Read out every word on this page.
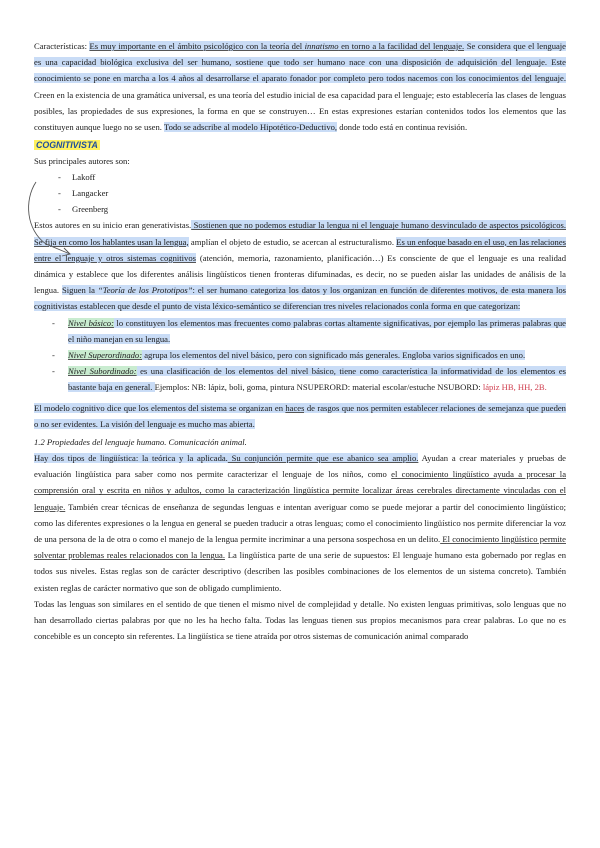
Características: Es muy importante en el ámbito psicológico con la teoría del innatismo en torno a la facilidad del lenguaje. Se considera que el lenguaje es una capacidad biológica exclusiva del ser humano, sostiene que todo ser humano nace con una disposición de adquisición del lenguaje. Este conocimiento se pone en marcha a los 4 años al desarrollarse el aparato fonador por completo pero todos nacemos con los conocimientos del lenguaje. Creen en la existencia de una gramática universal, es una teoría del estudio inicial de esa capacidad para el lenguaje; esto establecería las clases de lenguas posibles, las propiedades de sus expresiones, la forma en que se construyen… En estas expresiones estarían contenidos todos los elementos que las constituyen aunque luego no se usen. Todo se adscribe al modelo Hipotético-Deductivo, donde todo está en continua revisión.

COGNITIVISTA
Sus principales autores son:
- Lakoff
- Langacker
- Greenberg

Estos autores en su inicio eran generativistas. Sostienen que no podemos estudiar la lengua ni el lenguaje humano desvinculado de aspectos psicológicos. Se fija en como los hablantes usan la lengua, amplían el objeto de estudio, se acercan al estructuralismo. Es un enfoque basado en el uso, en las relaciones entre el lenguaje y otros sistemas cognitivos (atención, memoria, razonamiento, planificación…) Es consciente de que el lenguaje es una realidad dinámica y establece que los diferentes análisis lingüísticos tienen fronteras difuminadas, es decir, no se pueden aislar las unidades de análisis de la lengua. Siguen la “Teoría de los Prototipos”: el ser humano categoriza los datos y los organizan en función de diferentes motivos, de esta manera los cognitivistas establecen que desde el punto de vista léxico-semántico se diferencian tres niveles relacionados conla forma en que categorizan:

- Nivel básico: lo constituyen los elementos mas frecuentes como palabras cortas altamente significativas, por ejemplo las primeras palabras que el niño manejan en su lengua.
- Nivel Superordinado: agrupa los elementos del nivel básico, pero con significado más generales. Engloba varios significados en uno.
- Nivel Subordinado: es una clasificación de los elementos del nivel básico, tiene como característica la informatividad de los elementos es bastante baja en general. Ejemplos: NB: lápiz, boli, goma, pintura NSUPERORD: material escolar/estuche NSUBORD: lápiz HB, HH, 2B.

El modelo cognitivo dice que los elementos del sistema se organizan en haces de rasgos que nos permiten establecer relaciones de semejanza que pueden o no ser evidentes. La visión del lenguaje es mucho mas abierta.

1.2 Propiedades del lenguaje humano. Comunicación animal.

Hay dos tipos de lingüística: la teórica y la aplicada. Su conjunción permite que ese abanico sea amplio. Ayudan a crear materiales y pruebas de evaluación lingüística para saber como nos permite caracterizar el lenguaje de los niños, como el conocimiento lingüístico ayuda a procesar la comprensión oral y escrita en niños y adultos, como la caracterización lingüística permite localizar áreas cerebrales directamente vinculadas con el lenguaje. También crear técnicas de enseñanza de segundas lenguas e intentan averiguar como se puede mejorar a partir del conocimiento lingüístico; como las diferentes expresiones o la lengua en general se pueden traducir a otras lenguas; como el conocimiento lingüístico nos permite diferenciar la voz de una persona de la de otra o como el manejo de la lengua permite incriminar a una persona sospechosa en un delito. El conocimiento lingüístico permite solventar problemas reales relacionados con la lengua. La lingüística parte de una serie de supuestos: El lenguaje humano esta gobernado por reglas en todos sus niveles. Estas reglas son de carácter descriptivo (describen las posibles combinaciones de los elementos de un sistema concreto). También existen reglas de carácter normativo que son de obligado cumplimiento.

Todas las lenguas son similares en el sentido de que tienen el mismo nivel de complejidad y detalle. No existen lenguas primitivas, solo lenguas que no han desarrollado ciertas palabras por que no les ha hecho falta. Todas las lenguas tienen sus propios mecanismos para crear palabras. Lo que no es concebible es un concepto sin referentes. La lingüística se tiene atraída por otros sistemas de comunicación animal comparado
